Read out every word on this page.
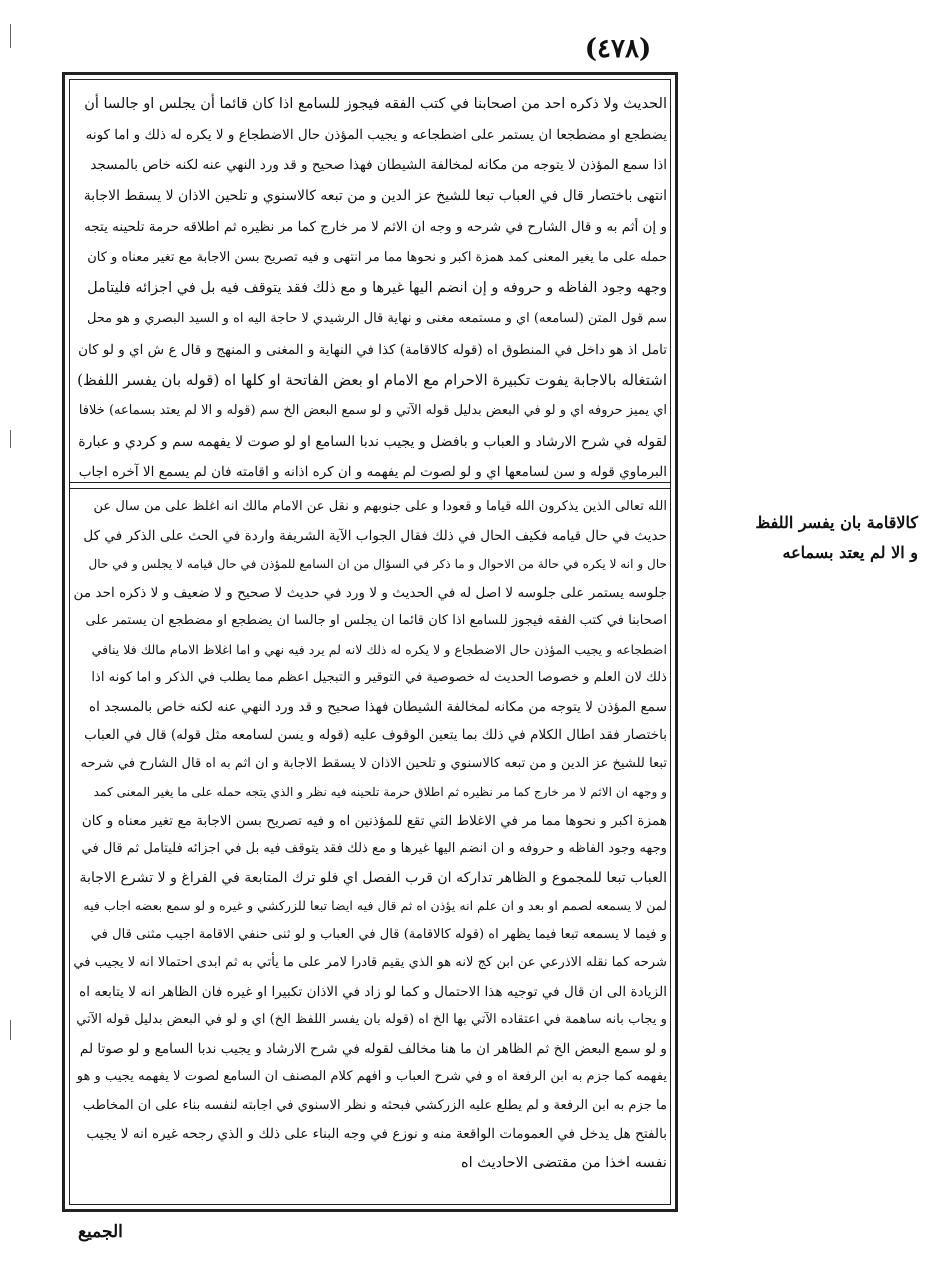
(٤٧٨)
الحديث ولا ذكره احد من اصحابنا في كتب الفقه فيجوز للسامع اذا كان قائما أن يجلس او جالسا أن
يضطجع او مضطجعا ان يستمر على اضطجاعه و يجيب المؤذن حال الاضطجاع و لا يكره له ذلك و اما كونه
اذا سمع المؤذن لا يتوجه من مكانه لمخالفة الشيطان فهذا صحيح و قد ورد النهي عنه لكنه خاص بالمسجد
انتهى باختصار قال في العباب تبعا للشيخ عز الدين و من تبعه كالاسنوي و تلحين الاذان لا يسقط الاجابة
و إن أثم به و قال الشارح في شرحه و وجه ان الاثم لا مر خارج كما مر نظيره ثم اطلاقه حرمة تلحينه يتجه
حمله على ما يغير المعنى كمد همزة اكبر و نحوها مما مر انتهى و فيه تصريح بسن الاجابة مع تغير معناه و كان
وجهه وجود الفاظه و حروفه و إن انضم اليها غيرها و مع ذلك فقد يتوقف فيه بل في اجزائه فليتامل
سم قول المتن (لسامعه) اي و مستمعه مغنى و نهاية قال الرشيدي لا حاجة اليه اه و السيد البصري و هو محل
تامل اذ هو داخل في المنطوق اه (قوله كالاقامة) كذا في النهاية و المغنى و المنهج و قال ع ش اي و لو كان
اشتغاله بالاجابة يفوت تكبيرة الاحرام مع الامام او بعض الفاتحة او كلها اه (قوله بان يفسر اللفظ)
اي يميز حروفه اي و لو في البعض بدليل قوله الآتي و لو سمع البعض الخ سم (قوله و الا لم يعتد بسماعه) خلافا
لقوله في شرح الارشاد و العباب و بافضل و يجيب ندبا السامع او لو صوت لا يفهمه سم و كردي و عبارة
البرماوي قوله و سن لسامعها اي و لو لصوت لم يفهمه و ان كره اذانه و اقامته فان لم يسمع الا آخره اجاب
الله تعالى الذين يذكرون الله قياما و قعودا و على جنوبهم و نقل عن الامام مالك انه اغلظ على من سال عن
حديث في حال قيامه فكيف الحال في ذلك فقال الجواب الآية الشريفة واردة في الحث على الذكر في كل
حال و انه لا يكره في حالة من الاحوال و ما ذكر في السؤال من ان السامع للمؤذن في حال قيامه لا يجلس و في حال
جلوسه يستمر على جلوسه لا اصل له في الحديث و لا ورد في حديث لا صحيح و لا ضعيف و لا ذكره احد من
اصحابنا في كتب الفقه فيجوز للسامع اذا كان قائما ان يجلس او جالسا ان يضطجع او مضطجع ان يستمر على
اضطجاعه و يجيب المؤذن حال الاضطجاع و لا يكره له ذلك لانه لم يرد فيه نهي و اما اغلاظ الامام مالك فلا ينافي
ذلك لان العلم و خصوصا الحديث له خصوصية في التوقير و التبجيل اعظم مما يطلب في الذكر و اما كونه اذا
سمع المؤذن لا يتوجه من مكانه لمخالفة الشيطان فهذا صحيح و قد ورد النهي عنه لكنه خاص بالمسجد اه
باختصار فقد اطال الكلام في ذلك بما يتعين الوقوف عليه (قوله و يسن لسامعه مثل قوله) قال في العباب
تبعا للشيخ عز الدين و من تبعه كالاسنوي و تلحين الاذان لا يسقط الاجابة و ان اثم به اه قال الشارح في شرحه
و وجهه ان الاثم لا مر خارج كما مر نظيره ثم اطلاق حرمة تلحينه فيه نظر و الذي يتجه حمله على ما يغير المعنى كمد
همزة اكبر و نحوها مما مر في الاغلاط التي تقع للمؤذنين اه و فيه تصريح بسن الاجابة مع تغير معناه و كان
وجهه وجود الفاظه و حروفه و ان انضم اليها غيرها و مع ذلك فقد يتوقف فيه بل في اجزائه فليتامل ثم قال في
العباب تبعا للمجموع و الظاهر تداركه ان قرب الفصل اي فلو ترك المتابعة في الفراغ و لا تشرع الاجابة
لمن لا يسمعه لصمم او بعد و ان علم انه يؤذن اه ثم قال فيه ايضا تبعا للزركشي و غيره و لو سمع بعضه اجاب فيه
و فيما لا يسمعه تبعا فيما يظهر اه (قوله كالاقامة) قال في العباب و لو ثنى حنفي الاقامة اجيب مثنى قال في
شرحه كما نقله الاذرعي عن ابن كج لانه هو الذي يقيم قادرا لامر على ما يأتي به ثم ابدى احتمالا انه لا يجيب في
الزيادة الى ان قال في توجيه هذا الاحتمال و كما لو زاد في الاذان تكبيرا او غيره فان الظاهر انه لا يتابعه اه
و يجاب بانه ساهمة في اعتقاده الآتي بها الخ اه (قوله بان يفسر اللفظ الخ) اي و لو في البعض بدليل قوله الآتي
و لو سمع البعض الخ ثم الظاهر ان ما هنا مخالف لقوله في شرح الارشاد و يجيب ندبا السامع و لو صوتا لم
يفهمه كما جزم به ابن الرفعة اه و في شرح العباب و افهم كلام المصنف ان السامع لصوت لا يفهمه يجيب و هو
ما جزم به ابن الرفعة و لم يطلع عليه الزركشي فبحثه و نظر الاسنوي في اجابته لنفسه بناء على ان المخاطب
بالفتح هل يدخل في العمومات الواقعة منه و نوزع في وجه البناء على ذلك و الذي رجحه غيره انه لا يجيب
نفسه اخذا من مقتضى الاحاديث اه
كالاقامة بان يفسر اللفظ
و الا لم يعتد بسماعه
الجميع
